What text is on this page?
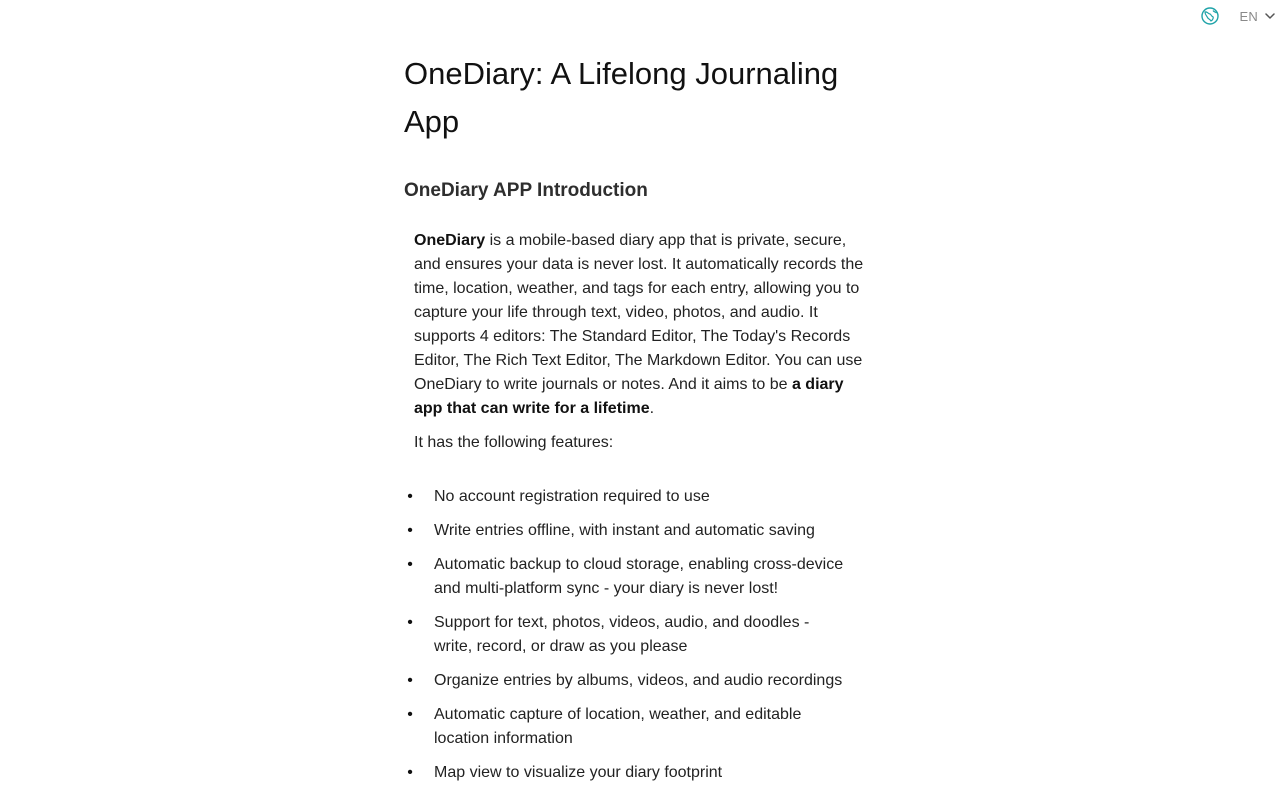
EN
OneDiary: A Lifelong Journaling App
OneDiary APP Introduction

OneDiary is a mobile-based diary app that is private, secure, and ensures your data is never lost. It automatically records the time, location, weather, and tags for each entry, allowing you to capture your life through text, video, photos, and audio. It supports 4 editors: The Standard Editor, The Today's Records Editor, The Rich Text Editor, The Markdown Editor. You can use OneDiary to write journals or notes. And it aims to be a diary app that can write for a lifetime.

It has the following features:

• No account registration required to use
• Write entries offline, with instant and automatic saving
• Automatic backup to cloud storage, enabling cross-device and multi-platform sync - your diary is never lost!
• Support for text, photos, videos, audio, and doodles - write, record, or draw as you please
• Organize entries by albums, videos, and audio recordings
• Automatic capture of location, weather, and editable location information
• Map view to visualize your diary footprint
